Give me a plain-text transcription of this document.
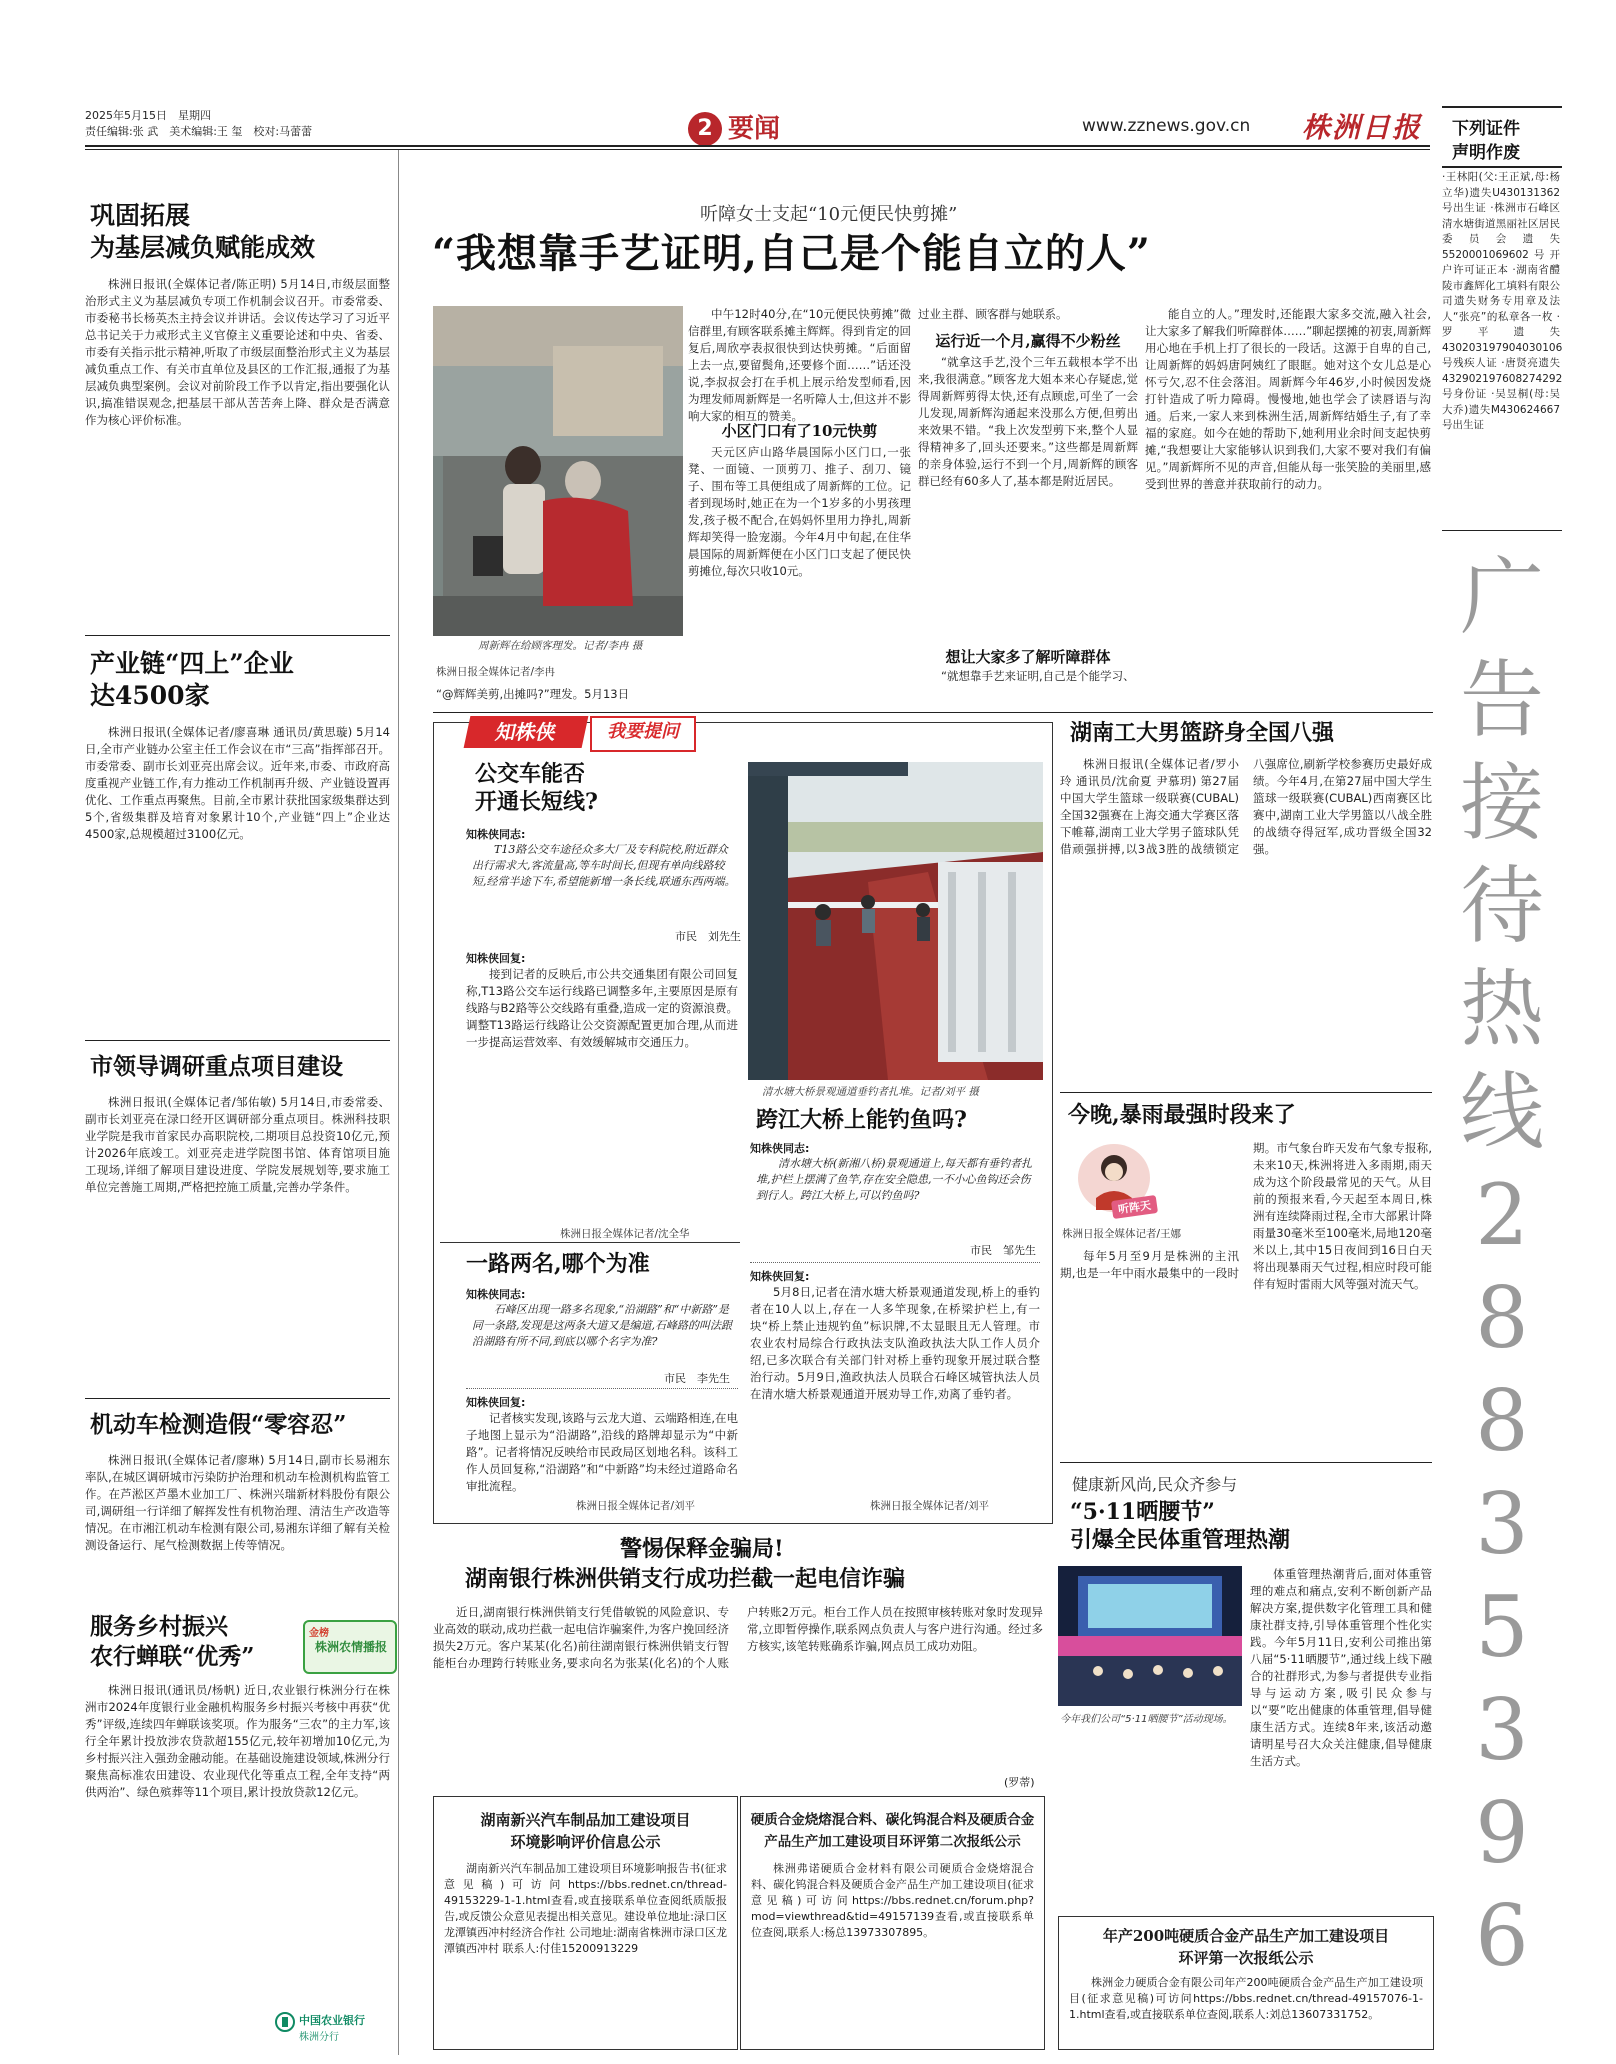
2025年5月15日　星期四
责任编辑:张 武　美术编辑:王 玺　校对:马蕾蕾	2 要闻	www.zznews.gov.cn 株洲日报
巩固拓展
为基层减负赋能成效

株洲日报讯(全媒体记者/陈正明) 5月14日,市级层面整治形式主义为基层减负专项工作机制会议召开。市委常委、市委秘书长杨英杰主持会议并讲话。会议传达学习了习近平总书记关于力戒形式主义官僚主义重要论述和中央、省委、市委有关指示批示精神,听取了市级层面整治形式主义为基层减负重点工作、有关市直单位及县区的工作汇报,通报了为基层减负典型案例。会议对前阶段工作予以肯定,指出要强化认识,搞准错误观念,把基层干部从苦苦奔上降、群众是否满意作为核心评价标准。

产业链“四上”企业
达4500家

株洲日报讯(全媒体记者/廖喜琳 通讯员/黄思璇) 5月14日,全市产业链办公室主任工作会议在市“三高”指挥部召开。市委常委、副市长刘亚亮出席会议。近年来,市委、市政府高度重视产业链工作,有力推动工作机制再升级、产业链设置再优化、工作重点再聚焦。目前,全市累计获批国家级集群达到5个,省级集群及培育对象累计10个,产业链“四上”企业达4500家,总规模超过3100亿元。

市领导调研重点项目建设

株洲日报讯(全媒体记者/邹佑敏) 5月14日,市委常委、副市长刘亚亮在渌口经开区调研部分重点项目。株洲科技职业学院是我市首家民办高职院校,二期项目总投资10亿元,预计2026年底竣工。刘亚亮走进学院图书馆、体育馆项目施工现场,详细了解项目建设进度、学院发展规划等,要求施工单位完善施工周期,严格把控施工质量,完善办学条件。

机动车检测造假“零容忍”

株洲日报讯(全媒体记者/廖琳) 5月14日,副市长易湘东率队,在城区调研城市污染防护治理和机动车检测机构监管工作。在芦淞区芦墨木业加工厂、株洲兴瑞新材料股份有限公司,调研组一行详细了解挥发性有机物治理、清洁生产改造等情况。在市湘江机动车检测有限公司,易湘东详细了解有关检测设备运行、尾气检测数据上传等情况。

服务乡村振兴
农行蝉联“优秀”
金榜
株洲农情播报

株洲日报讯(通讯员/杨帆) 近日,农业银行株洲分行在株洲市2024年度银行业金融机构服务乡村振兴考核中再获“优秀”评级,连续四年蝉联该奖项。作为服务“三农”的主力军,该行全年累计投放涉农贷款超155亿元,较年初增加10亿元,为乡村振兴注入强劲金融动能。在基础设施建设领域,株洲分行聚焦高标准农田建设、农业现代化等重点工程,全年支持“两供两治”、绿色殡葬等11个项目,累计投放贷款12亿元。

中国农业银行
株洲分行
听障女士支起“10元便民快剪摊”
“我想靠手艺证明,自己是个能自立的人”
周新辉在给顾客理发。记者/李冉 摄
株洲日报全媒体记者/李冉
“@辉辉美剪,出摊吗?”理发。5月13日

中午12时40分,在“10元便民快剪摊”微信群里,有顾客联系摊主辉辉。得到肯定的回复后,周欣亭表叔很快到达快剪摊。“后面留上去一点,要留鬓角,还要修个面……”话还没说,李叔叔会打在手机上展示给发型师看,因为理发师周新辉是一名听障人士,但这并不影响大家的相互的赞美。

小区门口有了10元快剪

天元区庐山路华晨国际小区门口,一张凳、一面镜、一顶剪刀、推子、刮刀、镜子、围布等工具便组成了周新辉的工位。记者到现场时,她正在为一个1岁多的小男孩理发,孩子极不配合,在妈妈怀里用力挣扎,周新辉却笑得一脸宠溺。今年4月中旬起,在住华晨国际的周新辉便在小区门口支起了便民快剪摊位,每次只收10元。

过业主群、顾客群与她联系。
运行近一个月,赢得不少粉丝

“就拿这手艺,没个三年五载根本学不出来,我很满意。”顾客龙大姐本来心存疑虑,觉得周新辉剪得太快,还有点顾虑,可坐了一会儿发现,周新辉沟通起来没那么方便,但剪出来效果不错。“我上次发型剪下来,整个人显得精神多了,回头还要来。”这些都是周新辉的亲身体验,运行不到一个月,周新辉的顾客群已经有60多人了,基本都是附近居民。

想让大家多了解听障群体

“就想靠手艺来证明,自己是个能学习、

能自立的人。”理发时,还能跟大家多交流,融入社会,让大家多了解我们听障群体……”聊起摆摊的初衷,周新辉用心地在手机上打了很长的一段话。这源于自卑的自己,让周新辉的妈妈唐阿姨红了眼眶。她对这个女儿总是心怀亏欠,忍不住会落泪。周新辉今年46岁,小时候因发烧打针造成了听力障碍。慢慢地,她也学会了读唇语与沟通。后来,一家人来到株洲生活,周新辉结婚生子,有了幸福的家庭。如今在她的帮助下,她利用业余时间支起快剪摊,“我想要让大家能够认识到我们,大家不要对我们有偏见。”周新辉所不见的声音,但能从每一张笑脸的美丽里,感受到世界的善意并获取前行的动力。

下列证件
声明作废
·王林阳(父:王正斌,母:杨立华)遗失U430131362号出生证 ·株洲市石峰区清水塘街道黑丽社区居民委员会遗失5520001069602号开户许可证正本 ·湖南省醴陵市鑫辉化工填料有限公司遗失财务专用章及法人“张亮”的私章各一枚 ·罗平遗失430203197904030106号残疾人证 ·唐贤亮遗失432902197608274292号身份证 ·吴昱桐(母:吴大乔)遗失M430624667号出生证
广告接待热线28835396
知株侠	我要提问
公交车能否
开通长短线?
知株侠同志:
T13路公交车途径众多大厂及专科院校,附近群众出行需求大,客流量高,等车时间长,但现有单向线路较短,经常半途下车,希望能新增一条长线,联通东西两端。
市民　刘先生
知株侠回复:

接到记者的反映后,市公共交通集团有限公司回复称,T13路公交车运行线路已调整多年,主要原因是原有线路与B2路等公交线路有重叠,造成一定的资源浪费。调整T13路运行线路让公交资源配置更加合理,从而进一步提高运营效率、有效缓解城市交通压力。

株洲日报全媒体记者/沈全华
清水塘大桥景观通道垂钓者扎堆。记者/刘平 摄
跨江大桥上能钓鱼吗?
知株侠同志:
清水塘大桥(新湘八桥)景观通道上,每天都有垂钓者扎堆,护栏上摆满了鱼竿,存在安全隐患,一不小心鱼钩还会伤到行人。跨江大桥上,可以钓鱼吗?
市民　邹先生
知株侠回复:

5月8日,记者在清水塘大桥景观通道发现,桥上的垂钓者在10人以上,存在一人多竿现象,在桥梁护栏上,有一块“桥上禁止违规钓鱼”标识牌,不太显眼且无人管理。市农业农村局综合行政执法支队渔政执法大队工作人员介绍,已多次联合有关部门针对桥上垂钓现象开展过联合整治行动。5月9日,渔政执法人员联合石峰区城管执法人员在清水塘大桥景观通道开展劝导工作,劝离了垂钓者。

株洲日报全媒体记者/刘平
一路两名,哪个为准
知株侠同志:
石峰区出现一路多名现象,“沿湖路”和“中新路”是同一条路,发现是这两条大道又是编道,石峰路的叫法跟沿湖路有所不同,到底以哪个名字为准?
市民　李先生
知株侠回复:

记者核实发现,该路与云龙大道、云端路相连,在电子地图上显示为“沿湖路”,沿线的路牌却显示为“中新路”。记者将情况反映给市民政局区划地名科。该科工作人员回复称,“沿湖路”和“中新路”均未经过道路命名审批流程。

株洲日报全媒体记者/刘平
湖南工大男篮跻身全国八强

株洲日报讯(全媒体记者/罗小玲 通讯员/沈俞夏 尹慕玥) 第27届中国大学生篮球一级联赛(CUBAL)全国32强赛在上海交通大学赛区落下帷幕,湖南工业大学男子篮球队凭借顽强拼搏,以3战3胜的战绩锁定八强席位,刷新学校参赛历史最好成绩。今年4月,在第27届中国大学生篮球一级联赛(CUBAL)西南赛区比赛中,湖南工业大学男篮以八战全胜的战绩夺得冠军,成功晋级全国32强。

今晚,暴雨最强时段来了
听阵天
株洲日报全媒体记者/王娜

每年5月至9月是株洲的主汛期,也是一年中雨水最集中的一段时期。市气象台昨天发布气象专报称,未来10天,株洲将进入多雨期,雨天成为这个阶段最常见的天气。从目前的预报来看,今天起至本周日,株洲有连续降雨过程,全市大部累计降雨量30毫米至100毫米,局地120毫米以上,其中15日夜间到16日白天将出现暴雨天气过程,相应时段可能伴有短时雷雨大风等强对流天气。

健康新风尚,民众齐参与
“5·11晒腰节”
引爆全民体重管理热潮
今年我们公司“5·11晒腰节”活动现场。

体重管理热潮背后,面对体重管理的难点和痛点,安利不断创新产品解决方案,提供数字化管理工具和健康社群支持,引导体重管理个性化实践。今年5月11日,安利公司推出第八届“5·11晒腰节”,通过线上线下融合的社群形式,为参与者提供专业指导与运动方案,吸引民众参与以“要”吃出健康的体重管理,倡导健康生活方式。连续8年来,该活动邀请明星号召大众关注健康,倡导健康生活方式。

警惕保释金骗局!
湖南银行株洲供销支行成功拦截一起电信诈骗

近日,湖南银行株洲供销支行凭借敏锐的风险意识、专业高效的联动,成功拦截一起电信诈骗案件,为客户挽回经济损失2万元。客户某某(化名)前往湖南银行株洲供销支行智能柜台办理跨行转账业务,要求向名为张某(化名)的个人账户转账2万元。柜台工作人员在按照审核转账对象时发现异常,立即暂停操作,联系网点负责人与客户进行沟通。经过多方核实,该笔转账确系诈骗,网点员工成功劝阻。

(罗蒂)
湖南新兴汽车制品加工建设项目
环境影响评价信息公示
湖南新兴汽车制品加工建设项目环境影响报告书(征求意见稿)可访问https://bbs.rednet.cn/thread-49153229-1-1.html查看,或直接联系单位查阅纸质版报告,或反馈公众意见表提出相关意见。建设单位地址:渌口区龙潭镇西冲村经济合作社 公司地址:湖南省株洲市渌口区龙潭镇西冲村 联系人:付佳15200913229
硬质合金烧熔混合料、碳化钨混合料及硬质合金
产品生产加工建设项目环评第二次报纸公示
株洲弗诺硬质合金材料有限公司硬质合金烧熔混合料、碳化钨混合料及硬质合金产品生产加工建设项目(征求意见稿)可访问https://bbs.rednet.cn/forum.php?mod=viewthread&tid=49157139查看,或直接联系单位查阅,联系人:杨总13973307895。	年产200吨硬质合金产品生产加工建设项目
环评第一次报纸公示
株洲金力硬质合金有限公司年产200吨硬质合金产品生产加工建设项目(征求意见稿)可访问https://bbs.rednet.cn/thread-49157076-1-1.html查看,或直接联系单位查阅,联系人:刘总13607331752。
